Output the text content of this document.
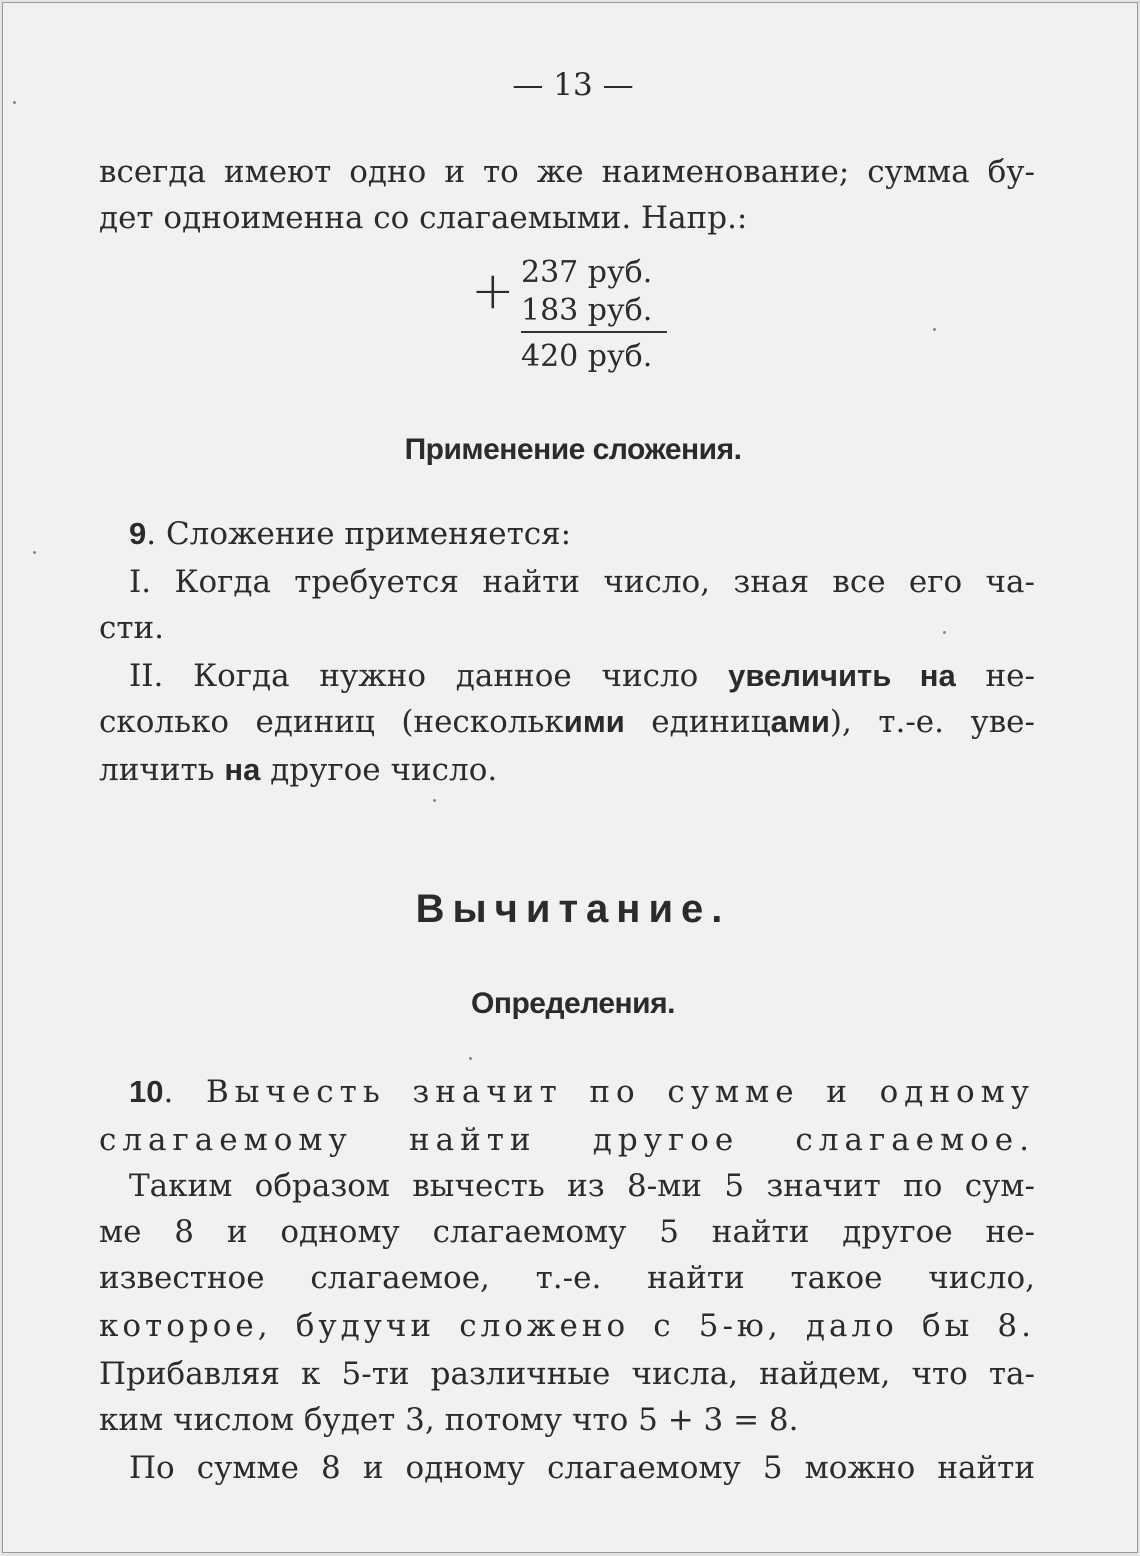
— 13 —
всегда имеют одно и то же наименование; сумма бу-
дет одноименна со слагаемыми. Напр.:
+ 237 руб.
183 руб.
420 руб.
Применение сложения.
9. Сложение применяется:
I. Когда требуется найти число, зная все его ча-
сти.
II. Когда нужно данное число увеличить на не-
сколько единиц (несколькими единицами), т.-е. уве-
личить на другое число.
Вычитание.
Определения.
10. Вычесть значит по сумме и одному
слагаемому найти другое слагаемое.
Таким образом вычесть из 8-ми 5 значит по сум-
ме 8 и одному слагаемому 5 найти другое не-
известное слагаемое, т.-е. найти такое число,
которое, будучи сложено с 5-ю, дало бы 8.
Прибавляя к 5-ти различные числа, найдем, что та-
ким числом будет 3, потому что 5 + 3 = 8.
По сумме 8 и одному слагаемому 5 можно найти
